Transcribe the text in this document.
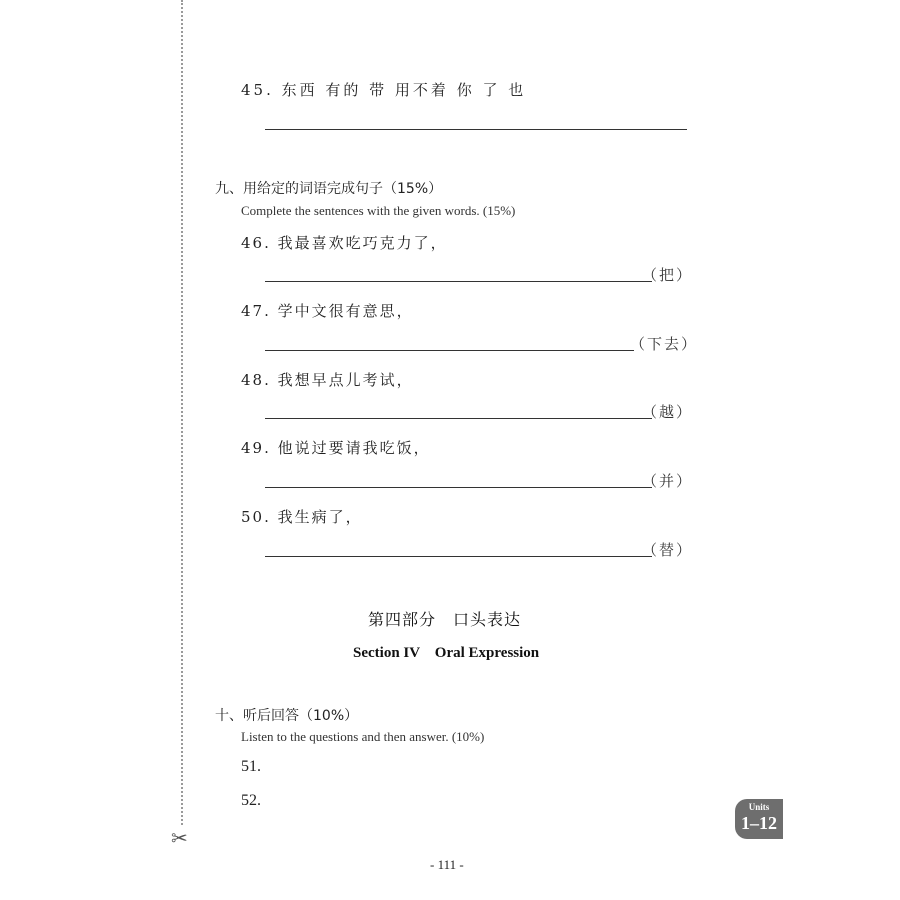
✂
45. 东西 有的 带 用不着 你 了 也
九、用给定的词语完成句子（15%）
Complete the sentences with the given words. (15%)
46. 我最喜欢吃巧克力了，
（把）
47. 学中文很有意思，
（下去）
48. 我想早点儿考试，
（越）
49. 他说过要请我吃饭，
（并）
50. 我生病了，
（替）
第四部分　口头表达
Section IV　Oral Expression
十、听后回答（10%）
Listen to the questions and then answer. (10%)
51.
52.	Units
1–12
- 111 -
